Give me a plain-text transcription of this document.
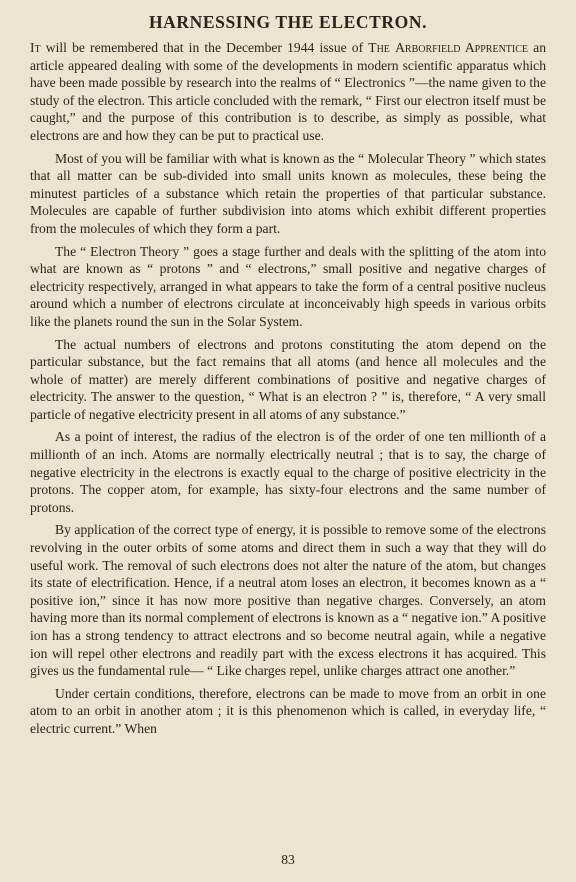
HARNESSING THE ELECTRON.

It will be remembered that in the December 1944 issue of The Arborfield Apprentice an article appeared dealing with some of the developments in modern scientific apparatus which have been made possible by research into the realms of “ Electronics ”—the name given to the study of the electron. This article concluded with the remark, “ First our electron itself must be caught,” and the purpose of this contribution is to describe, as simply as possible, what electrons are and how they can be put to practical use.

Most of you will be familiar with what is known as the “ Molecular Theory ” which states that all matter can be sub-divided into small units known as molecules, these being the minutest particles of a substance which retain the properties of that particular substance. Molecules are capable of further subdivision into atoms which exhibit different properties from the molecules of which they form a part.

The “ Electron Theory ” goes a stage further and deals with the splitting of the atom into what are known as “ protons ” and “ electrons,” small positive and negative charges of electricity respectively, arranged in what appears to take the form of a central positive nucleus around which a number of electrons circulate at inconceivably high speeds in various orbits like the planets round the sun in the Solar System.

The actual numbers of electrons and protons constituting the atom depend on the particular substance, but the fact remains that all atoms (and hence all molecules and the whole of matter) are merely different combinations of positive and negative charges of electricity. The answer to the question, “ What is an electron ? ” is, therefore, “ A very small particle of negative electricity present in all atoms of any substance.”

As a point of interest, the radius of the electron is of the order of one ten millionth of a millionth of an inch. Atoms are normally electrically neutral ; that is to say, the charge of negative electricity in the electrons is exactly equal to the charge of positive electricity in the protons. The copper atom, for example, has sixty-four electrons and the same number of protons.

By application of the correct type of energy, it is possible to remove some of the electrons revolving in the outer orbits of some atoms and direct them in such a way that they will do useful work. The removal of such electrons does not alter the nature of the atom, but changes its state of electrification. Hence, if a neutral atom loses an electron, it becomes known as a “ positive ion,” since it has now more positive than negative charges. Conversely, an atom having more than its normal complement of electrons is known as a “ negative ion.” A positive ion has a strong tendency to attract electrons and so become neutral again, while a negative ion will repel other electrons and readily part with the excess electrons it has acquired. This gives us the fundamental rule— “ Like charges repel, unlike charges attract one another.”

Under certain conditions, therefore, electrons can be made to move from an orbit in one atom to an orbit in another atom ; it is this phenomenon which is called, in everyday life, “ electric current.” When

83
